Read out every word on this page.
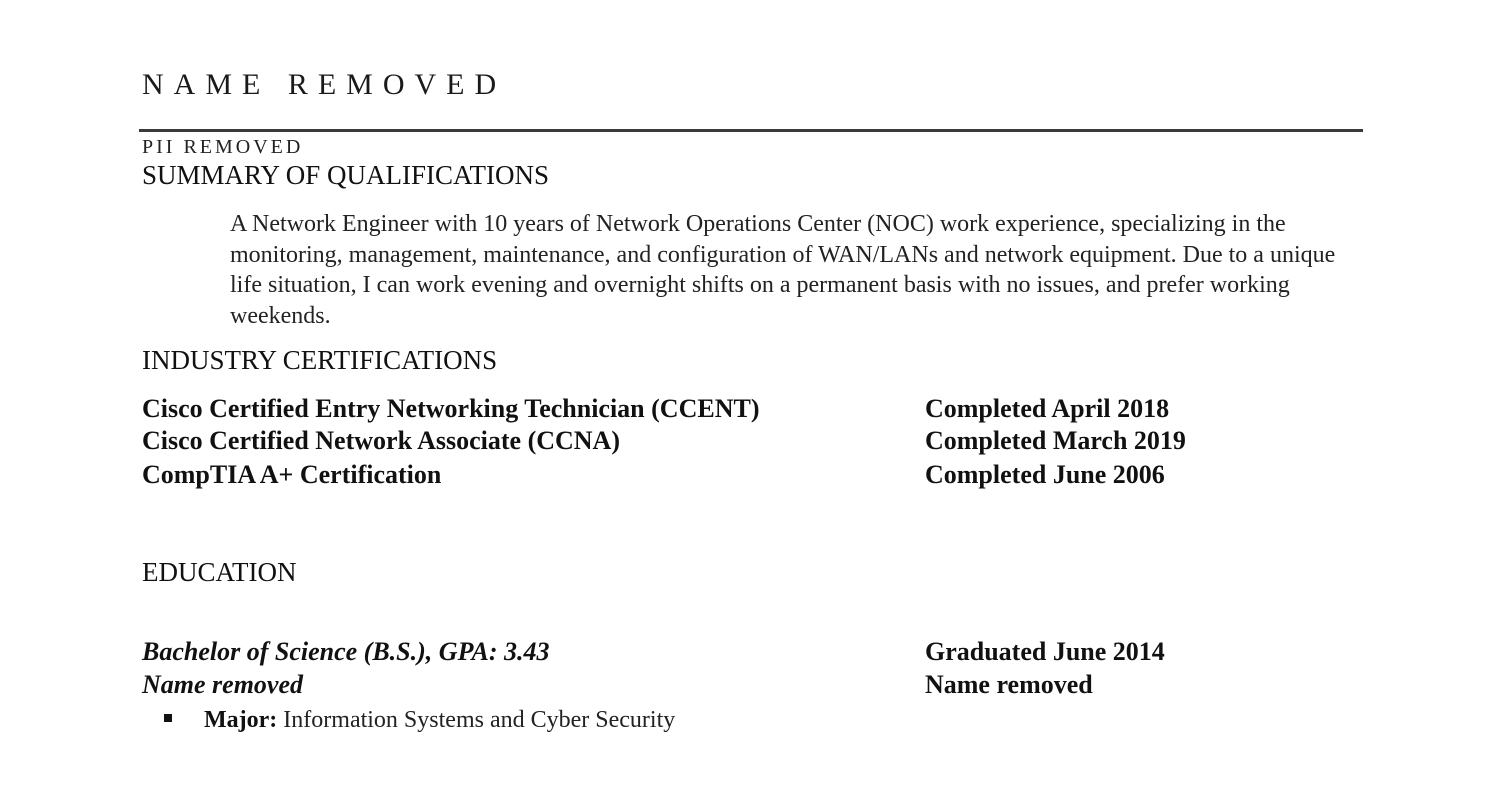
NAME REMOVED
PII REMOVED
SUMMARY OF QUALIFICATIONS
A Network Engineer with 10 years of Network Operations Center (NOC) work experience, specializing in the monitoring, management, maintenance, and configuration of WAN/LANs and network equipment. Due to a unique life situation, I can work evening and overnight shifts on a permanent basis with no issues, and prefer working weekends.
INDUSTRY CERTIFICATIONS
Cisco Certified Entry Networking Technician (CCENT)	Completed April 2018
Cisco Certified Network Associate (CCNA)	Completed March 2019
CompTIA A+ Certification	Completed June 2006
EDUCATION
Bachelor of Science (B.S.), GPA: 3.43	Graduated June 2014
Name removed	Name removed
Major: Information Systems and Cyber Security
